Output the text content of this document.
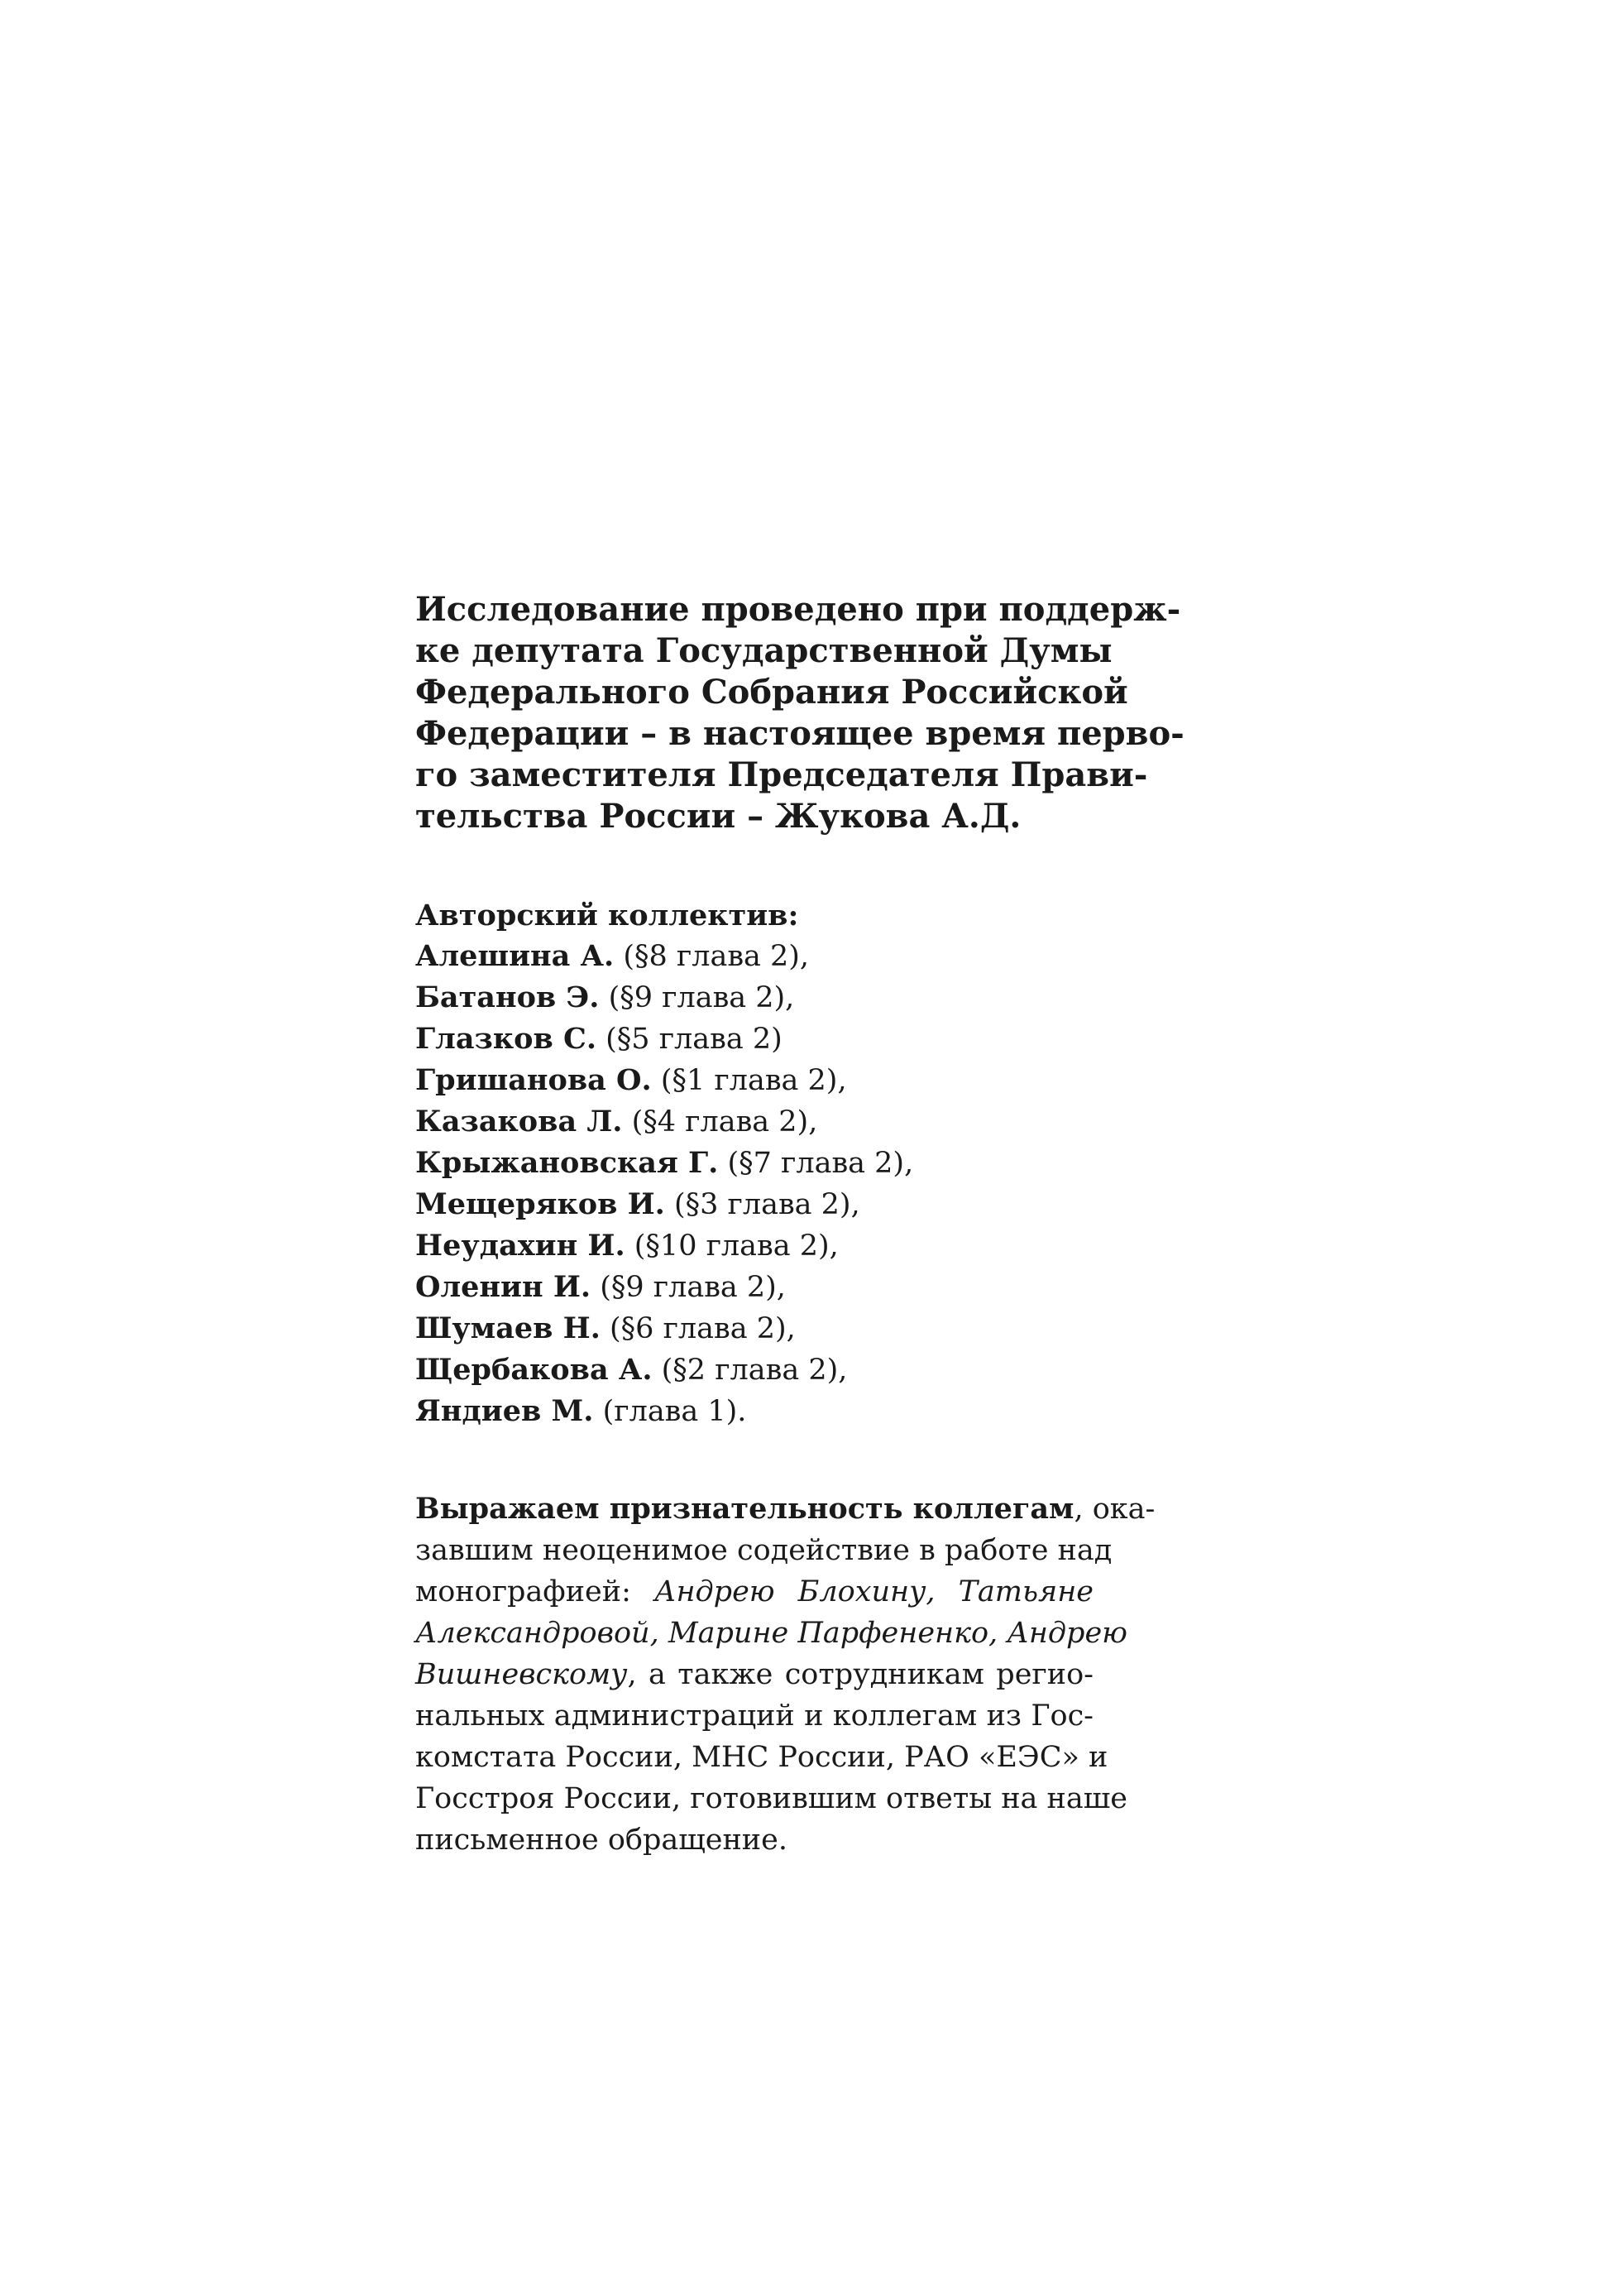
Исследование проведено при поддерж-
ке депутата Государственной Думы
Федерального Собрания Российской
Федерации – в настоящее время перво-
го заместителя Председателя Прави-
тельства России – Жукова А.Д.

Авторский коллектив:
Алешина А. (§8 глава 2),
Батанов Э. (§9 глава 2),
Глазков С. (§5 глава 2)
Гришанова О. (§1 глава 2),
Казакова Л. (§4 глава 2),
Крыжановская Г. (§7 глава 2),
Мещеряков И. (§3 глава 2),
Неудахин И. (§10 глава 2),
Оленин И. (§9 глава 2),
Шумаев Н. (§6 глава 2),
Щербакова А. (§2 глава 2),
Яндиев М. (глава 1).
Выражаем признательность коллегам, ока-
завшим неоценимое содействие в работе над
монографией: Андрею Блохину, Татьяне
Александровой, Марине Парфененко, Андрею
Вишневскому, а также сотрудникам регио-
нальных администраций и коллегам из Гос-
комстата России, МНС России, РАО «ЕЭС» и
Госстроя России, готовившим ответы на наше
письменное обращение.
